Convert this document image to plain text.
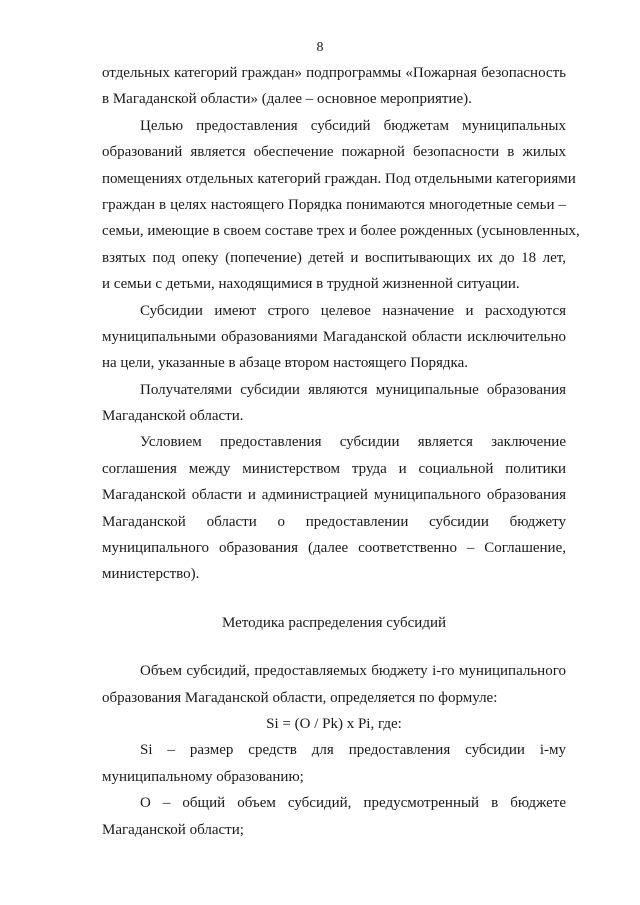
8
отдельных категорий граждан» подпрограммы «Пожарная безопасность
в Магаданской области» (далее – основное мероприятие).
Целью предоставления субсидий бюджетам муниципальных
образований является обеспечение пожарной безопасности в жилых
помещениях отдельных категорий граждан. Под отдельными категориями
граждан в целях настоящего Порядка понимаются многодетные семьи –
семьи, имеющие в своем составе трех и более рожденных (усыновленных,
взятых под опеку (попечение) детей и воспитывающих их до 18 лет,
и семьи с детьми, находящимися в трудной жизненной ситуации.
Субсидии имеют строго целевое назначение и расходуются
муниципальными образованиями Магаданской области исключительно
на цели, указанные в абзаце втором настоящего Порядка.
Получателями субсидии являются муниципальные образования
Магаданской области.
Условием предоставления субсидии является заключение
соглашения между министерством труда и социальной политики
Магаданской области и администрацией муниципального образования
Магаданской области о предоставлении субсидии бюджету
муниципального образования (далее соответственно – Соглашение,
министерство).
Методика распределения субсидий
Объем субсидий, предоставляемых бюджету i-го муниципального
образования Магаданской области, определяется по формуле:
Si = (O / Pk) x Pi, где:
Si – размер средств для предоставления субсидии i-му
муниципальному образованию;
О – общий объем субсидий, предусмотренный в бюджете
Магаданской области;
